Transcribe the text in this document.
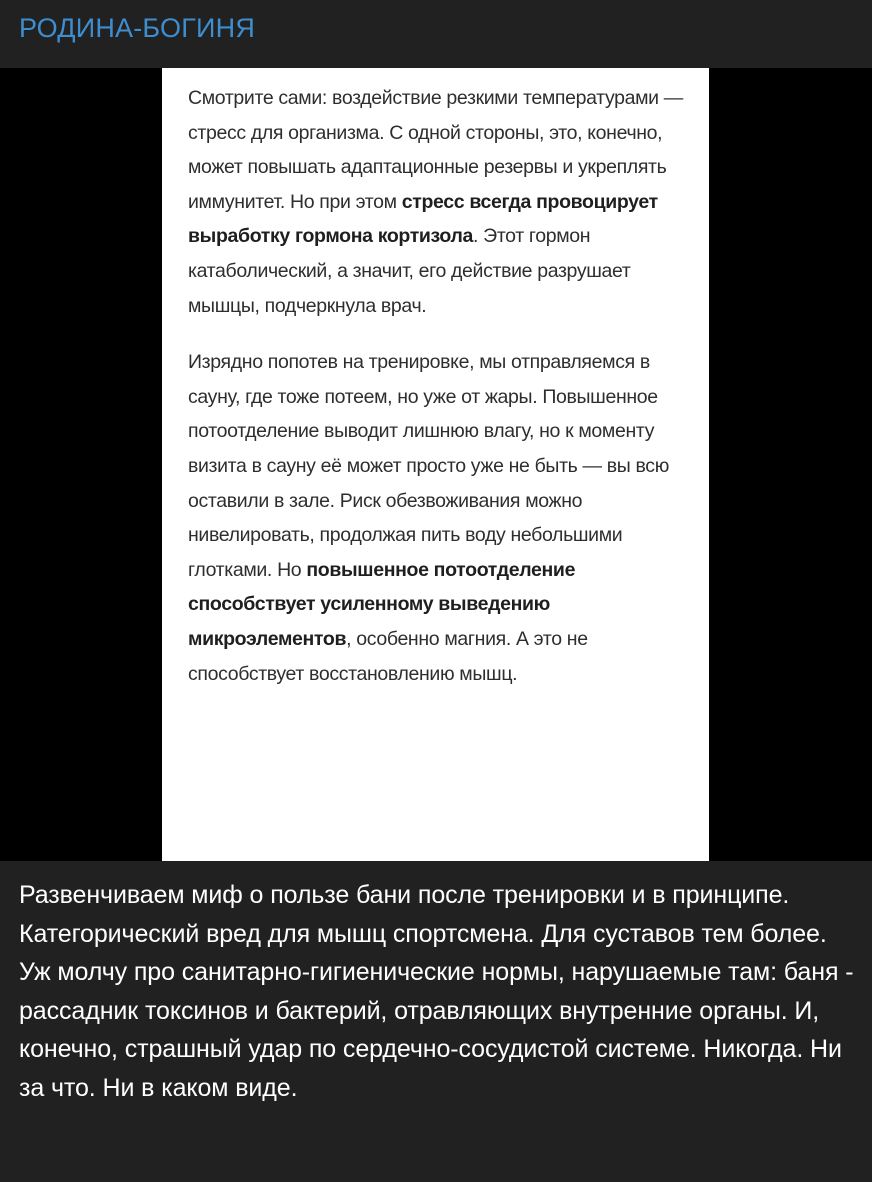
РОДИНА-БОГИНЯ

Смотрите сами: воздействие резкими температурами — стресс для организма. С одной стороны, это, конечно, может повышать адаптационные резервы и укреплять иммунитет. Но при этом стресс всегда провоцирует выработку гормона кортизола. Этот гормон катаболический, а значит, его действие разрушает мышцы, подчеркнула врач.

Изрядно попотев на тренировке, мы отправляемся в сауну, где тоже потеем, но уже от жары. Повышенное потоотделение выводит лишнюю влагу, но к моменту визита в сауну её может просто уже не быть — вы всю оставили в зале. Риск обезвоживания можно нивелировать, продолжая пить воду небольшими глотками. Но повышенное потоотделение способствует усиленному выведению микроэлементов, особенно магния. А это не способствует восстановлению мышц.

Развенчиваем миф о пользе бани после тренировки и в принципе. Категорический вред для мышц спортсмена. Для суставов тем более. Уж молчу про санитарно-гигиенические нормы, нарушаемые там: баня - рассадник токсинов и бактерий, отравляющих внутренние органы. И, конечно, страшный удар по сердечно-сосудистой системе. Никогда. Ни за что. Ни в каком виде.
